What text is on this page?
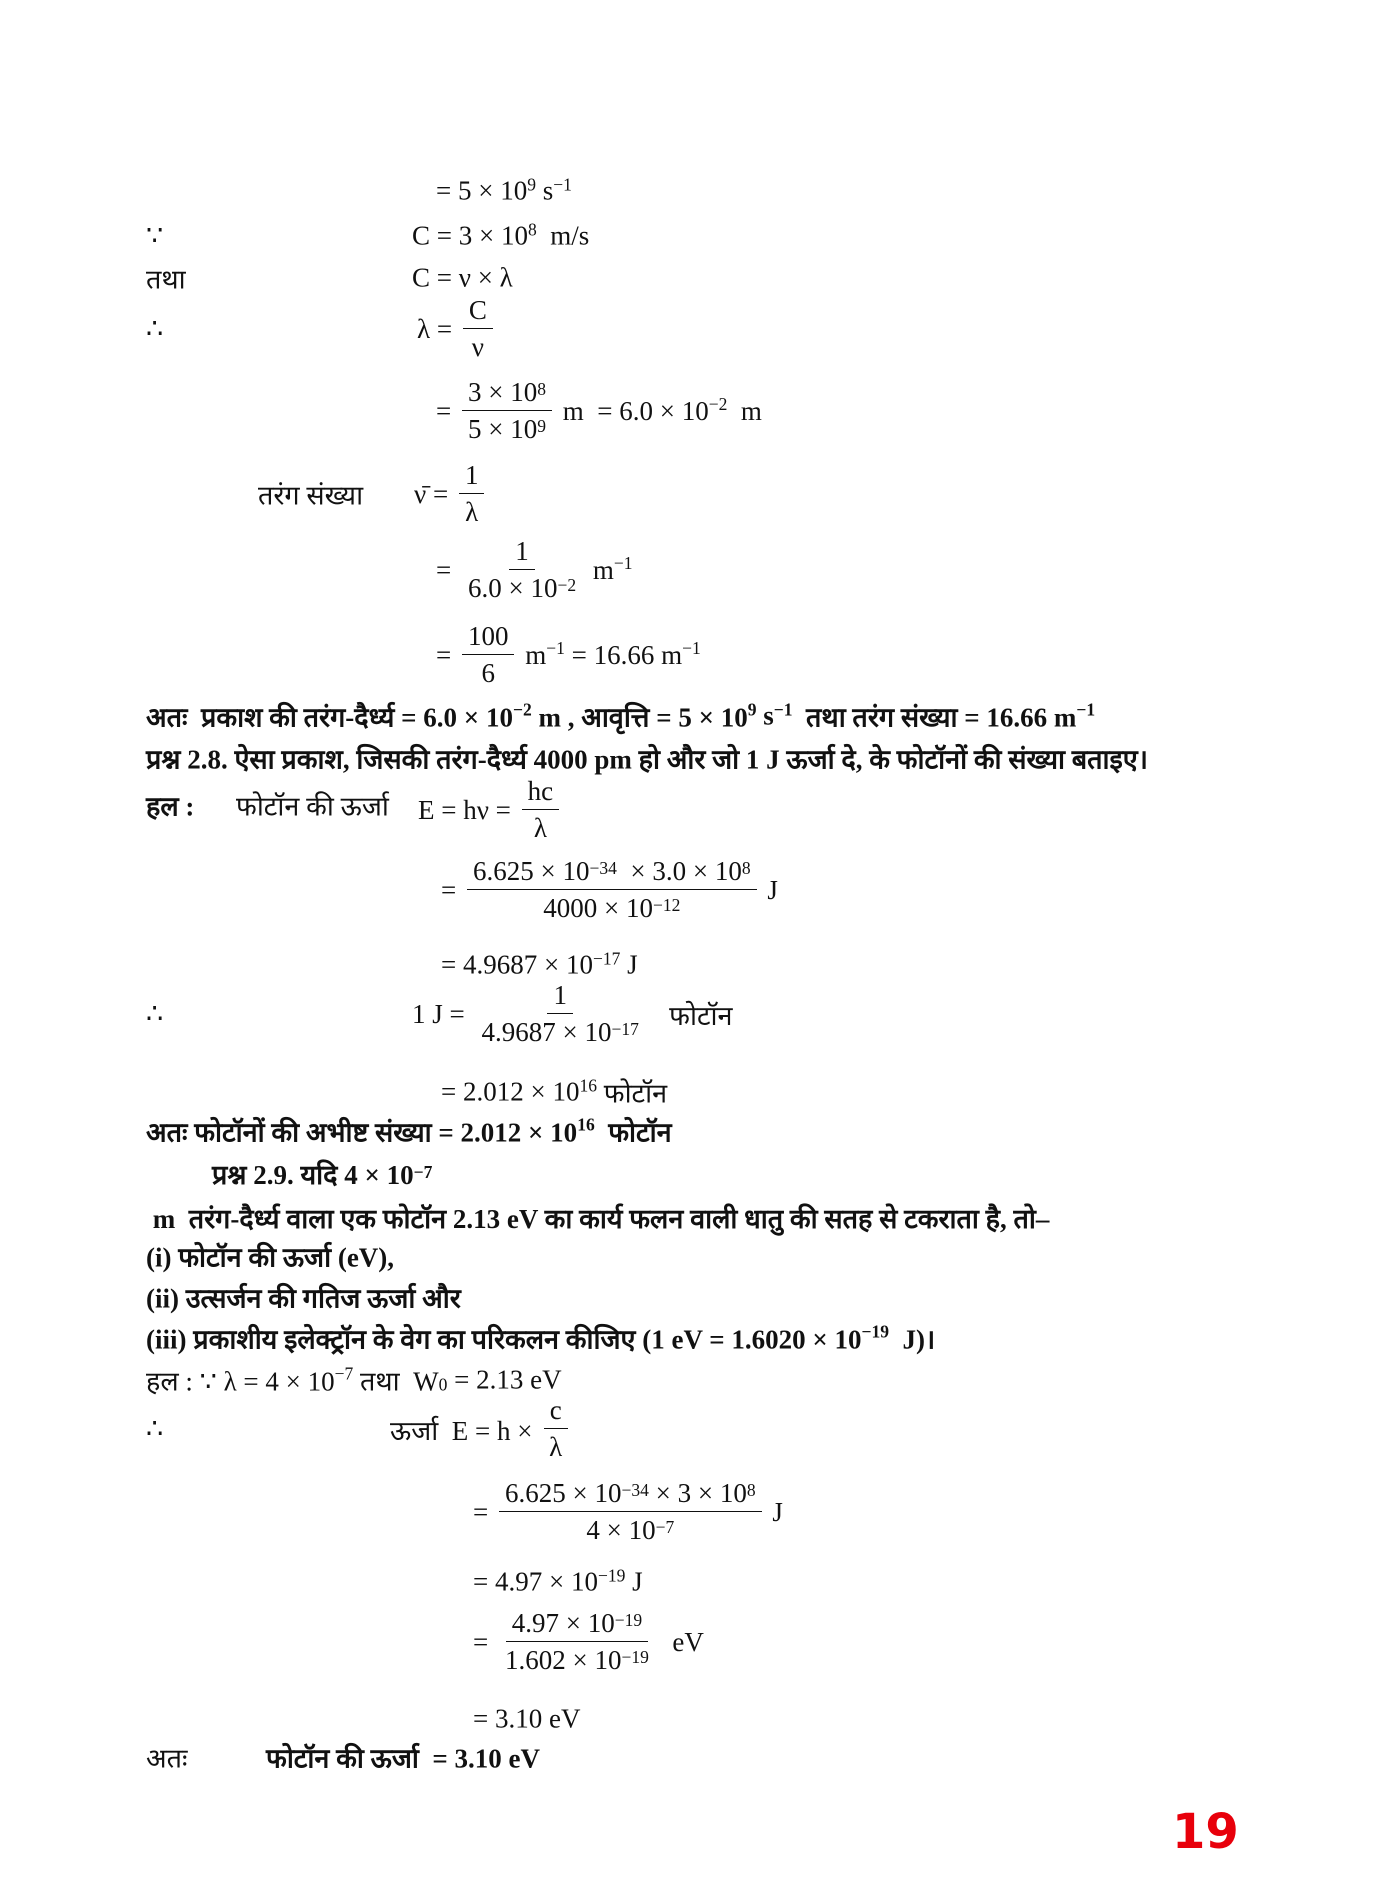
= $5 \times 10^9$ $s^{-1}$
∵	$C = 3 \times 10^8$ m/s
तथा	C = ν × λ
∴	$\lambda = \frac{C}{\nu}$
= $\frac{3 \times 10^8}{5 \times 10^9}$ $m = 6.0 \times 10^{-2}$ m
तरंग संख्या ν̄ = $\frac{1}{\lambda}$
= $\frac{1}{6.0 \times 10^{-2}} m^{-1}$
= $\frac{100}{6} m^{-1} = 16.66$ $m^{-1}$
अतः  प्रकाश की तरंग-दैर्ध्य = $6.0 \times 10^{-2}$ m , आवृत्ति = $5 \times 10^9$ $s^{-1}$ तथा तरंग संख्या = 16.66 $m^{-1}$
प्रश्न 2.8. ऐसा प्रकाश, जिसकी तरंग-दैर्ध्य 4000 pm हो और जो 1 J ऊर्जा दे, के फोटॉनों की संख्या बताइए।
हल : फोटॉन की ऊर्जा $E = h\nu = \frac{hc}{\lambda}$
= $\frac{6.625 \times 10^{-34} \times 3.0 \times 10^8}{4000 \times 10^{-12}}$ J
= $4.9687 \times 10^{-17}$ J
∴	1 $J = \frac{1}{4.9687 \times 10^{-17}}$ फोटॉन
= $2.012 \times 10^{16}$ फोटॉन
अतः फोटॉनों की अभीष्ट संख्या = $2.012 \times 10^{16}$ फोटॉन
प्रश्न 2.9. यदि $4 \times 10^{-7}$ m  तरंग-दैर्ध्य वाला एक फोटॉन 2.13 eV का कार्य फलन वाली धातु की सतह से टकराता है, तो–
(i) फोटॉन की ऊर्जा (eV),
(ii) उत्सर्जन की गतिज ऊर्जा और
(iii) प्रकाशीय इलेक्ट्रॉन के वेग का परिकलन कीजिए (1 eV = $1.6020 \times 10^{-19}$ J)।
हल : ∵ $\lambda = 4 \times 10^{-7}$ तथा  $W_0 = 2.13$ eV
∴	ऊर्जा  $E = h \times \frac{c}{\lambda}$
= $\frac{6.625 \times 10^{-34} \times 3 \times 10^8}{4 \times 10^{-7}}$ J
= $4.97 \times 10^{-19}$ J
= $\frac{4.97 \times 10^{-19}}{1.602 \times 10^{-19}}$ eV
= 3.10 eV
अतः	फोटॉन की ऊर्जा  = 3.10 eV
19
